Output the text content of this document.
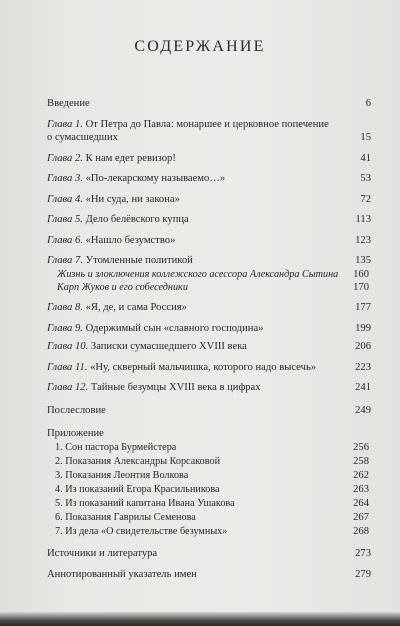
СОДЕРЖАНИЕ
Введение	6
Глава 1. От Петра до Павла: монаршее и церковное попечение
о сумасшедших	15
Глава 2. К нам едет ревизор!	41
Глава 3. «По-лекарскому называемо…»	53
Глава 4. «Ни суда, ни закона»	72
Глава 5. Дело белёвского купца	113
Глава 6. «Нашло безумство»	123
Глава 7. Утомленные политикой	135
Жизнь и злоключения коллежского асессора Александра Сытина 160
Карп Жуков и его собеседники	170
Глава 8. «Я, де, и сама Россия»	177
Глава 9. Одержимый сын «славного господина»	199
Глава 10. Записки сумасшедшего XVIII века	206
Глава 11. «Ну, скверный мальчишка, которого надо высечь»	223
Глава 12. Тайные безумцы XVIII века в цифрах	241
Послесловие	249
Приложение
1. Сон пастора Бурмейстера	256
2. Показания Александры Корсаковой	258
3. Показания Леонтия Волкова	262
4. Из показаний Егора Красильникова	263
5. Из показаний капитана Ивана Ушакова	264
6. Показания Гаврилы Семенова	267
7. Из дела «О свидетельстве безумных»	268
Источники и литература	273
Аннотированный указатель имен	279
